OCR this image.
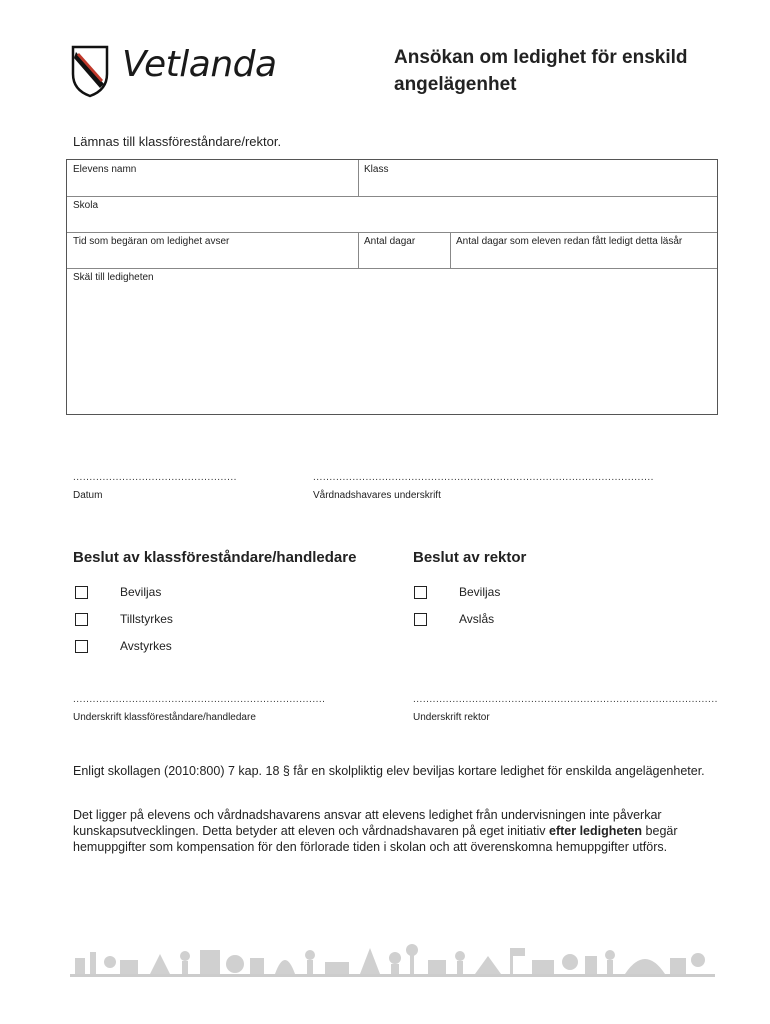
Vetlanda	Ansökan om ledighet för enskild angelägenhet
Lämnas till klassföreståndare/rektor.
Elevens namn	Klass
Skola
Tid som begäran om ledighet avser	Antal dagar	Antal dagar som eleven redan fått ledigt detta läsår
Skäl till ledigheten
..................................................	........................................................................................................
Datum	Vårdnadshavares underskrift
Beslut av klassföreståndare/handledare	Beslut av rektor
Beviljas
Tillstyrkes
Avstyrkes
Beviljas
Avslås
.............................................................................	.............................................................................................
Underskrift klassföreståndare/handledare	Underskrift rektor
Enligt skollagen (2010:800) 7 kap. 18 § får en skolpliktig elev beviljas kortare ledighet för enskilda angelägenheter.
Det ligger på elevens och vårdnadshavarens ansvar att elevens ledighet från undervisningen inte påverkar kunskapsutvecklingen. Detta betyder att eleven och vårdnadshavaren på eget initiativ efter ledigheten begär hemuppgifter som kompensation för den förlorade tiden i skolan och att överenskomna hemuppgifter utförs.
